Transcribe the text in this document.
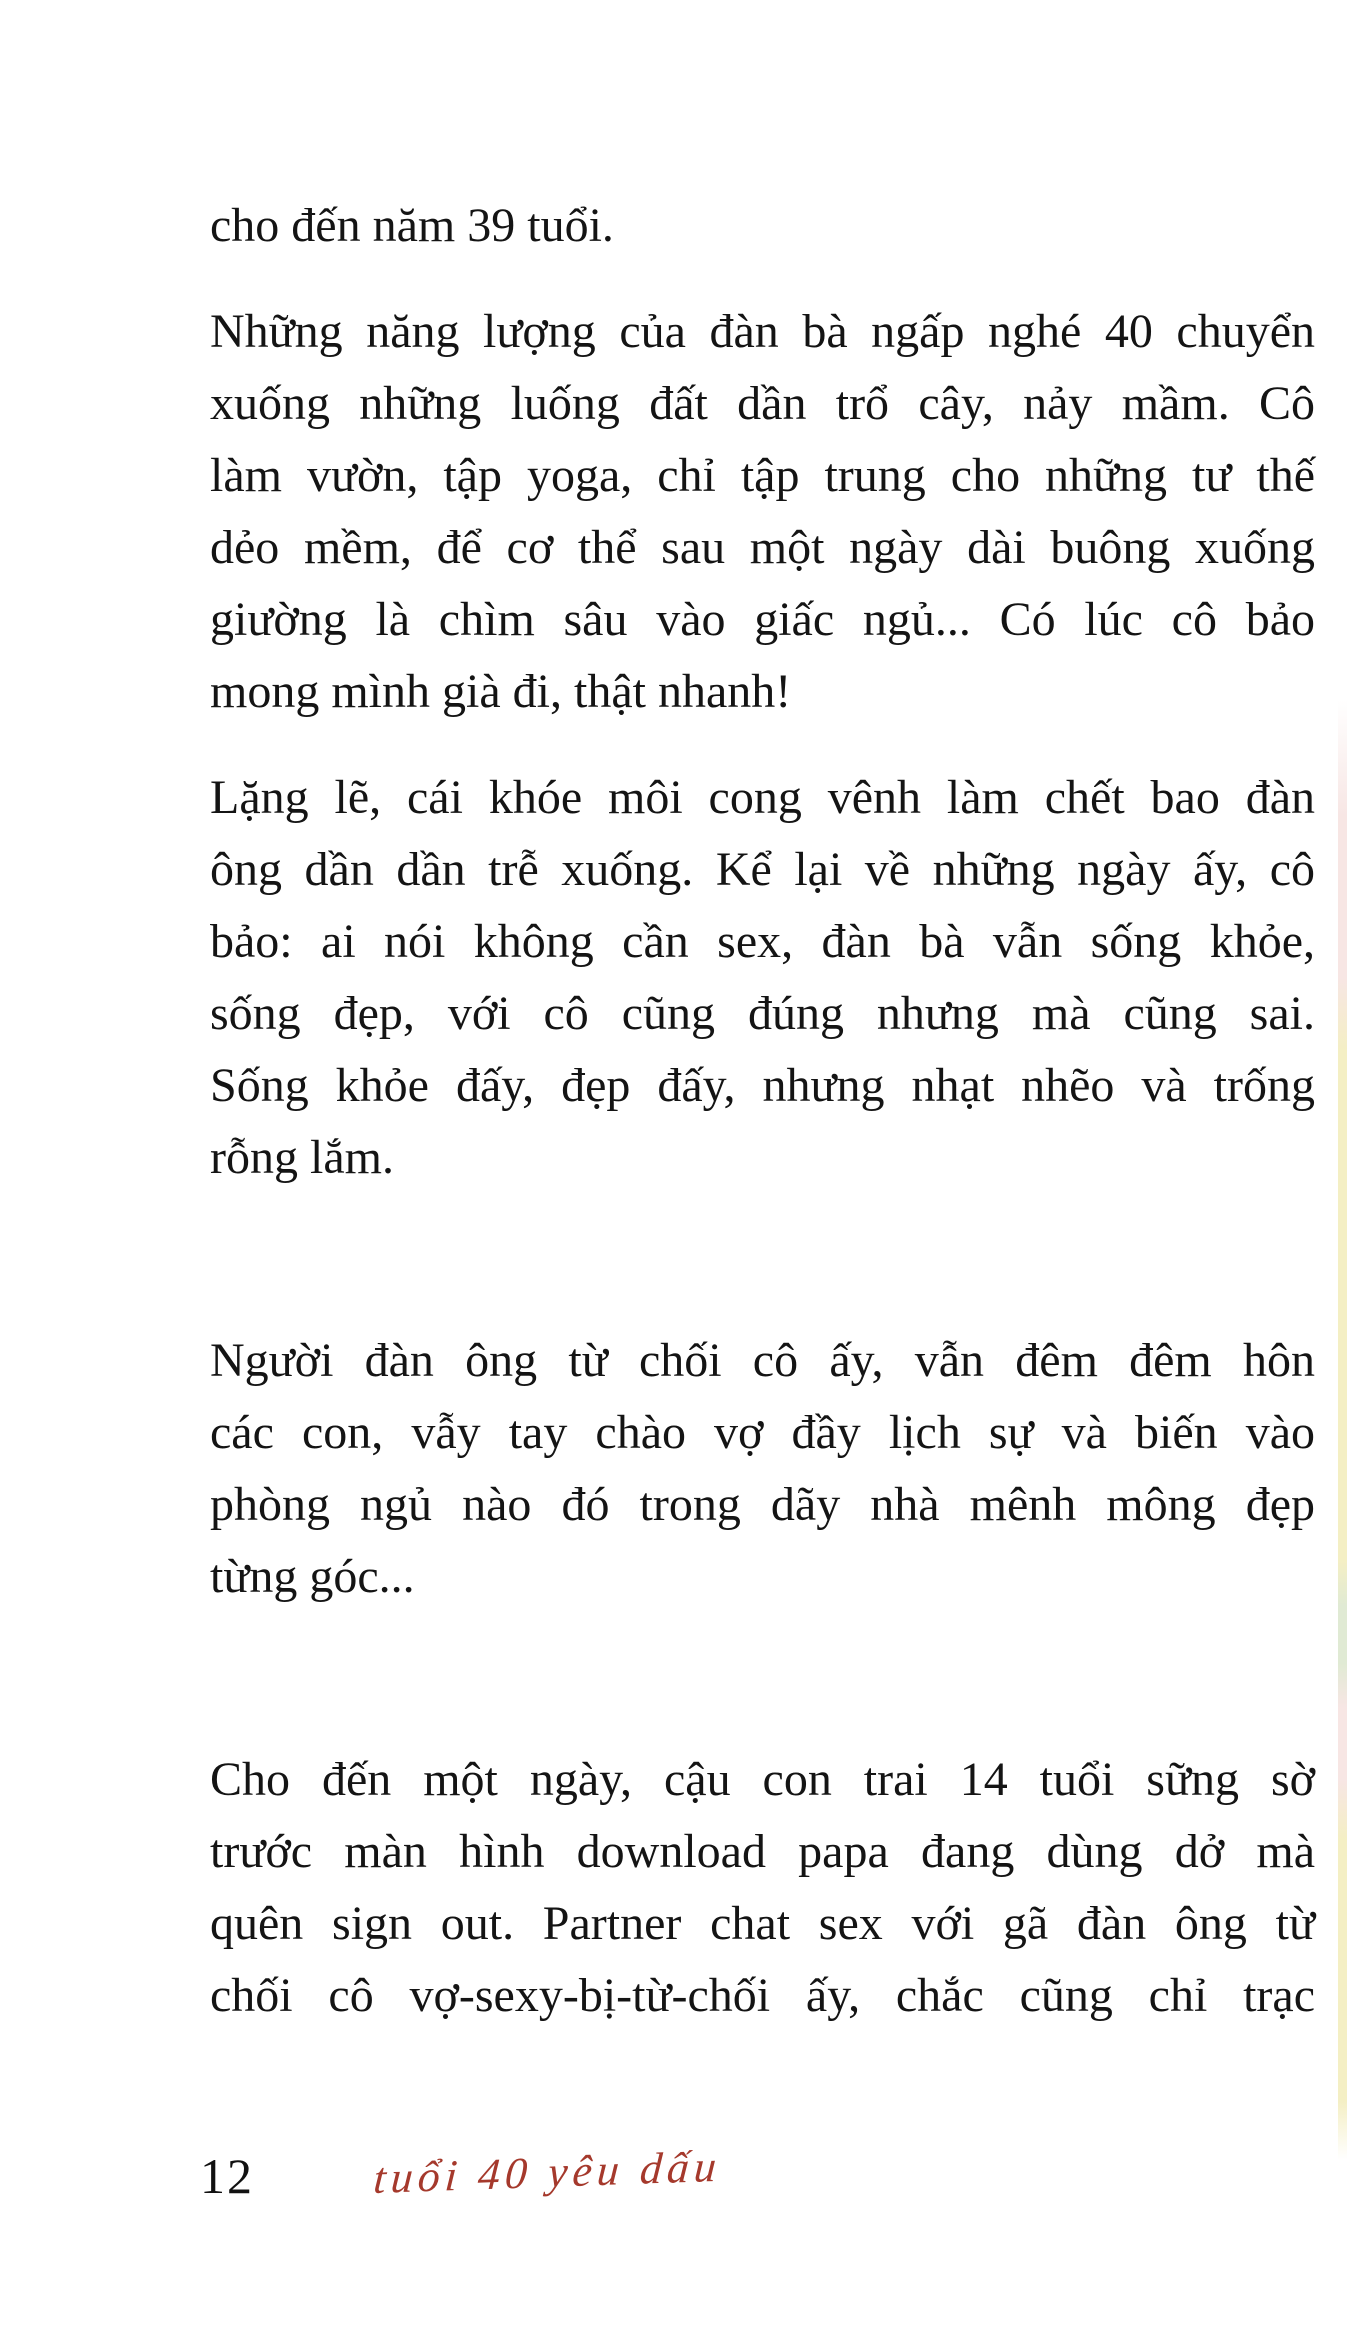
cho đến năm 39 tuổi.
Những năng lượng của đàn bà ngấp nghé 40 chuyển
xuống những luống đất dần trổ cây, nảy mầm. Cô
làm vườn, tập yoga, chỉ tập trung cho những tư thế
dẻo mềm, để cơ thể sau một ngày dài buông xuống
giường là chìm sâu vào giấc ngủ... Có lúc cô bảo
mong mình già đi, thật nhanh!
Lặng lẽ, cái khóe môi cong vênh làm chết bao đàn
ông dần dần trễ xuống. Kể lại về những ngày ấy, cô
bảo: ai nói không cần sex, đàn bà vẫn sống khỏe,
sống đẹp, với cô cũng đúng nhưng mà cũng sai.
Sống khỏe đấy, đẹp đấy, nhưng nhạt nhẽo và trống
rỗng lắm.
Người đàn ông từ chối cô ấy, vẫn đêm đêm hôn
các con, vẫy tay chào vợ đầy lịch sự và biến vào
phòng ngủ nào đó trong dãy nhà mênh mông đẹp
từng góc...
Cho đến một ngày, cậu con trai 14 tuổi sững sờ
trước màn hình download papa đang dùng dở mà
quên sign out. Partner chat sex với gã đàn ông từ
chối cô vợ-sexy-bị-từ-chối ấy, chắc cũng chỉ trạc
12	tuổi 40 yêu dấu
